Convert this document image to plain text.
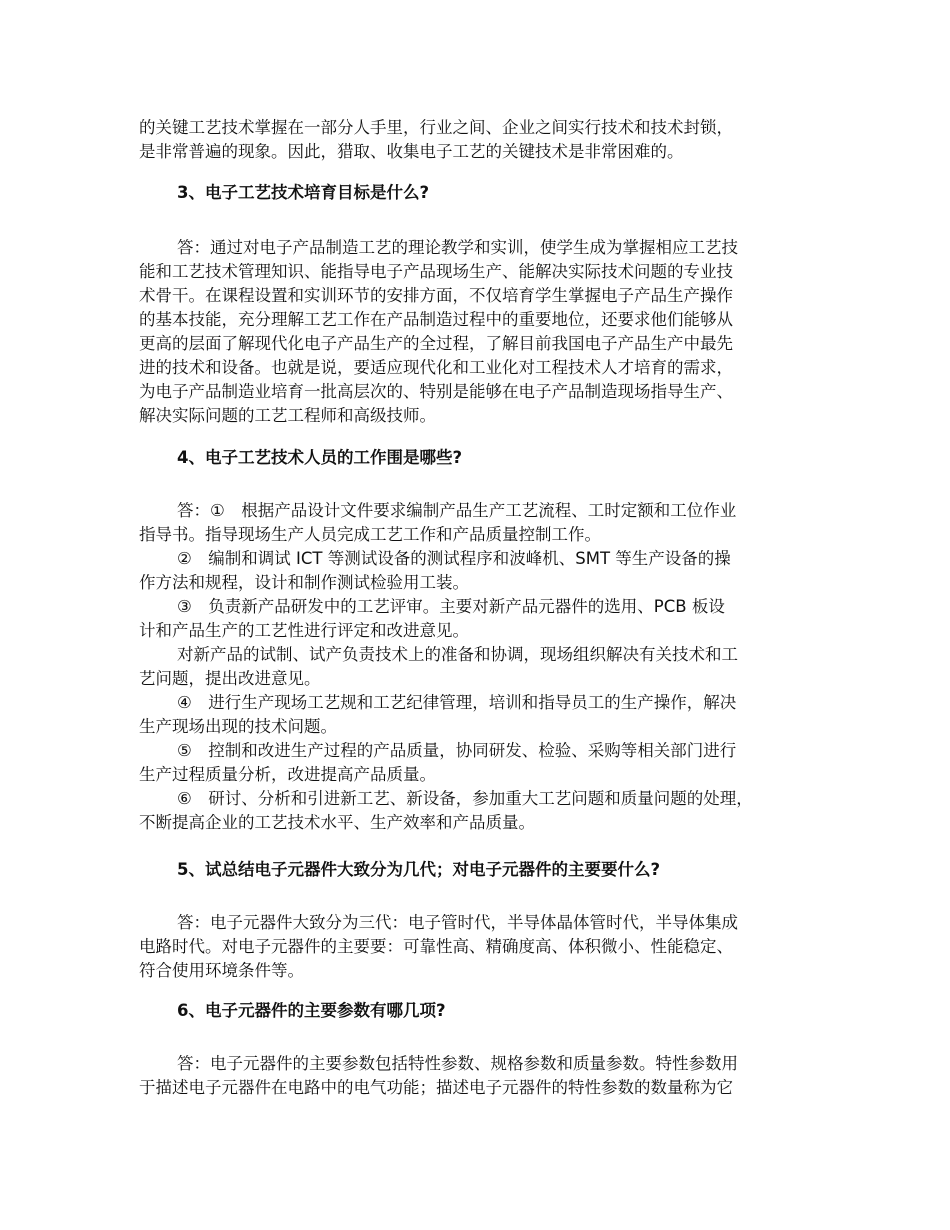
的关键工艺技术掌握在一部分人手里，行业之间、企业之间实行技术和技术封锁，
是非常普遍的现象。因此，猎取、收集电子工艺的关键技术是非常困难的。
3、电子工艺技术培育目标是什么?
答：通过对电子产品制造工艺的理论教学和实训，使学生成为掌握相应工艺技
能和工艺技术管理知识、能指导电子产品现场生产、能解决实际技术问题的专业技
术骨干。在课程设置和实训环节的安排方面，不仅培育学生掌握电子产品生产操作
的基本技能，充分理解工艺工作在产品制造过程中的重要地位，还要求他们能够从
更高的层面了解现代化电子产品生产的全过程，了解目前我国电子产品生产中最先
进的技术和设备。也就是说，要适应现代化和工业化对工程技术人才培育的需求，
为电子产品制造业培育一批高层次的、特别是能够在电子产品制造现场指导生产、
解决实际问题的工艺工程师和高级技师。
4、电子工艺技术人员的工作围是哪些?
答：①　根据产品设计文件要求编制产品生产工艺流程、工时定额和工位作业
指导书。指导现场生产人员完成工艺工作和产品质量控制工作。
②　编制和调试 ICT 等测试设备的测试程序和波峰机、SMT 等生产设备的操
作方法和规程，设计和制作测试检验用工装。
③　负责新产品研发中的工艺评审。主要对新产品元器件的选用、PCB 板设
计和产品生产的工艺性进行评定和改进意见。
对新产品的试制、试产负责技术上的准备和协调，现场组织解决有关技术和工
艺问题，提出改进意见。
④　进行生产现场工艺规和工艺纪律管理，培训和指导员工的生产操作，解决
生产现场出现的技术问题。
⑤　控制和改进生产过程的产品质量，协同研发、检验、采购等相关部门进行
生产过程质量分析，改进提高产品质量。
⑥　研讨、分析和引进新工艺、新设备，参加重大工艺问题和质量问题的处理，
不断提高企业的工艺技术水平、生产效率和产品质量。
5、试总结电子元器件大致分为几代；对电子元器件的主要要什么?
答：电子元器件大致分为三代：电子管时代，半导体晶体管时代，半导体集成
电路时代。对电子元器件的主要要：可靠性高、精确度高、体积微小、性能稳定、
符合使用环境条件等。
6、电子元器件的主要参数有哪几项?
答：电子元器件的主要参数包括特性参数、规格参数和质量参数。特性参数用
于描述电子元器件在电路中的电气功能；描述电子元器件的特性参数的数量称为它
